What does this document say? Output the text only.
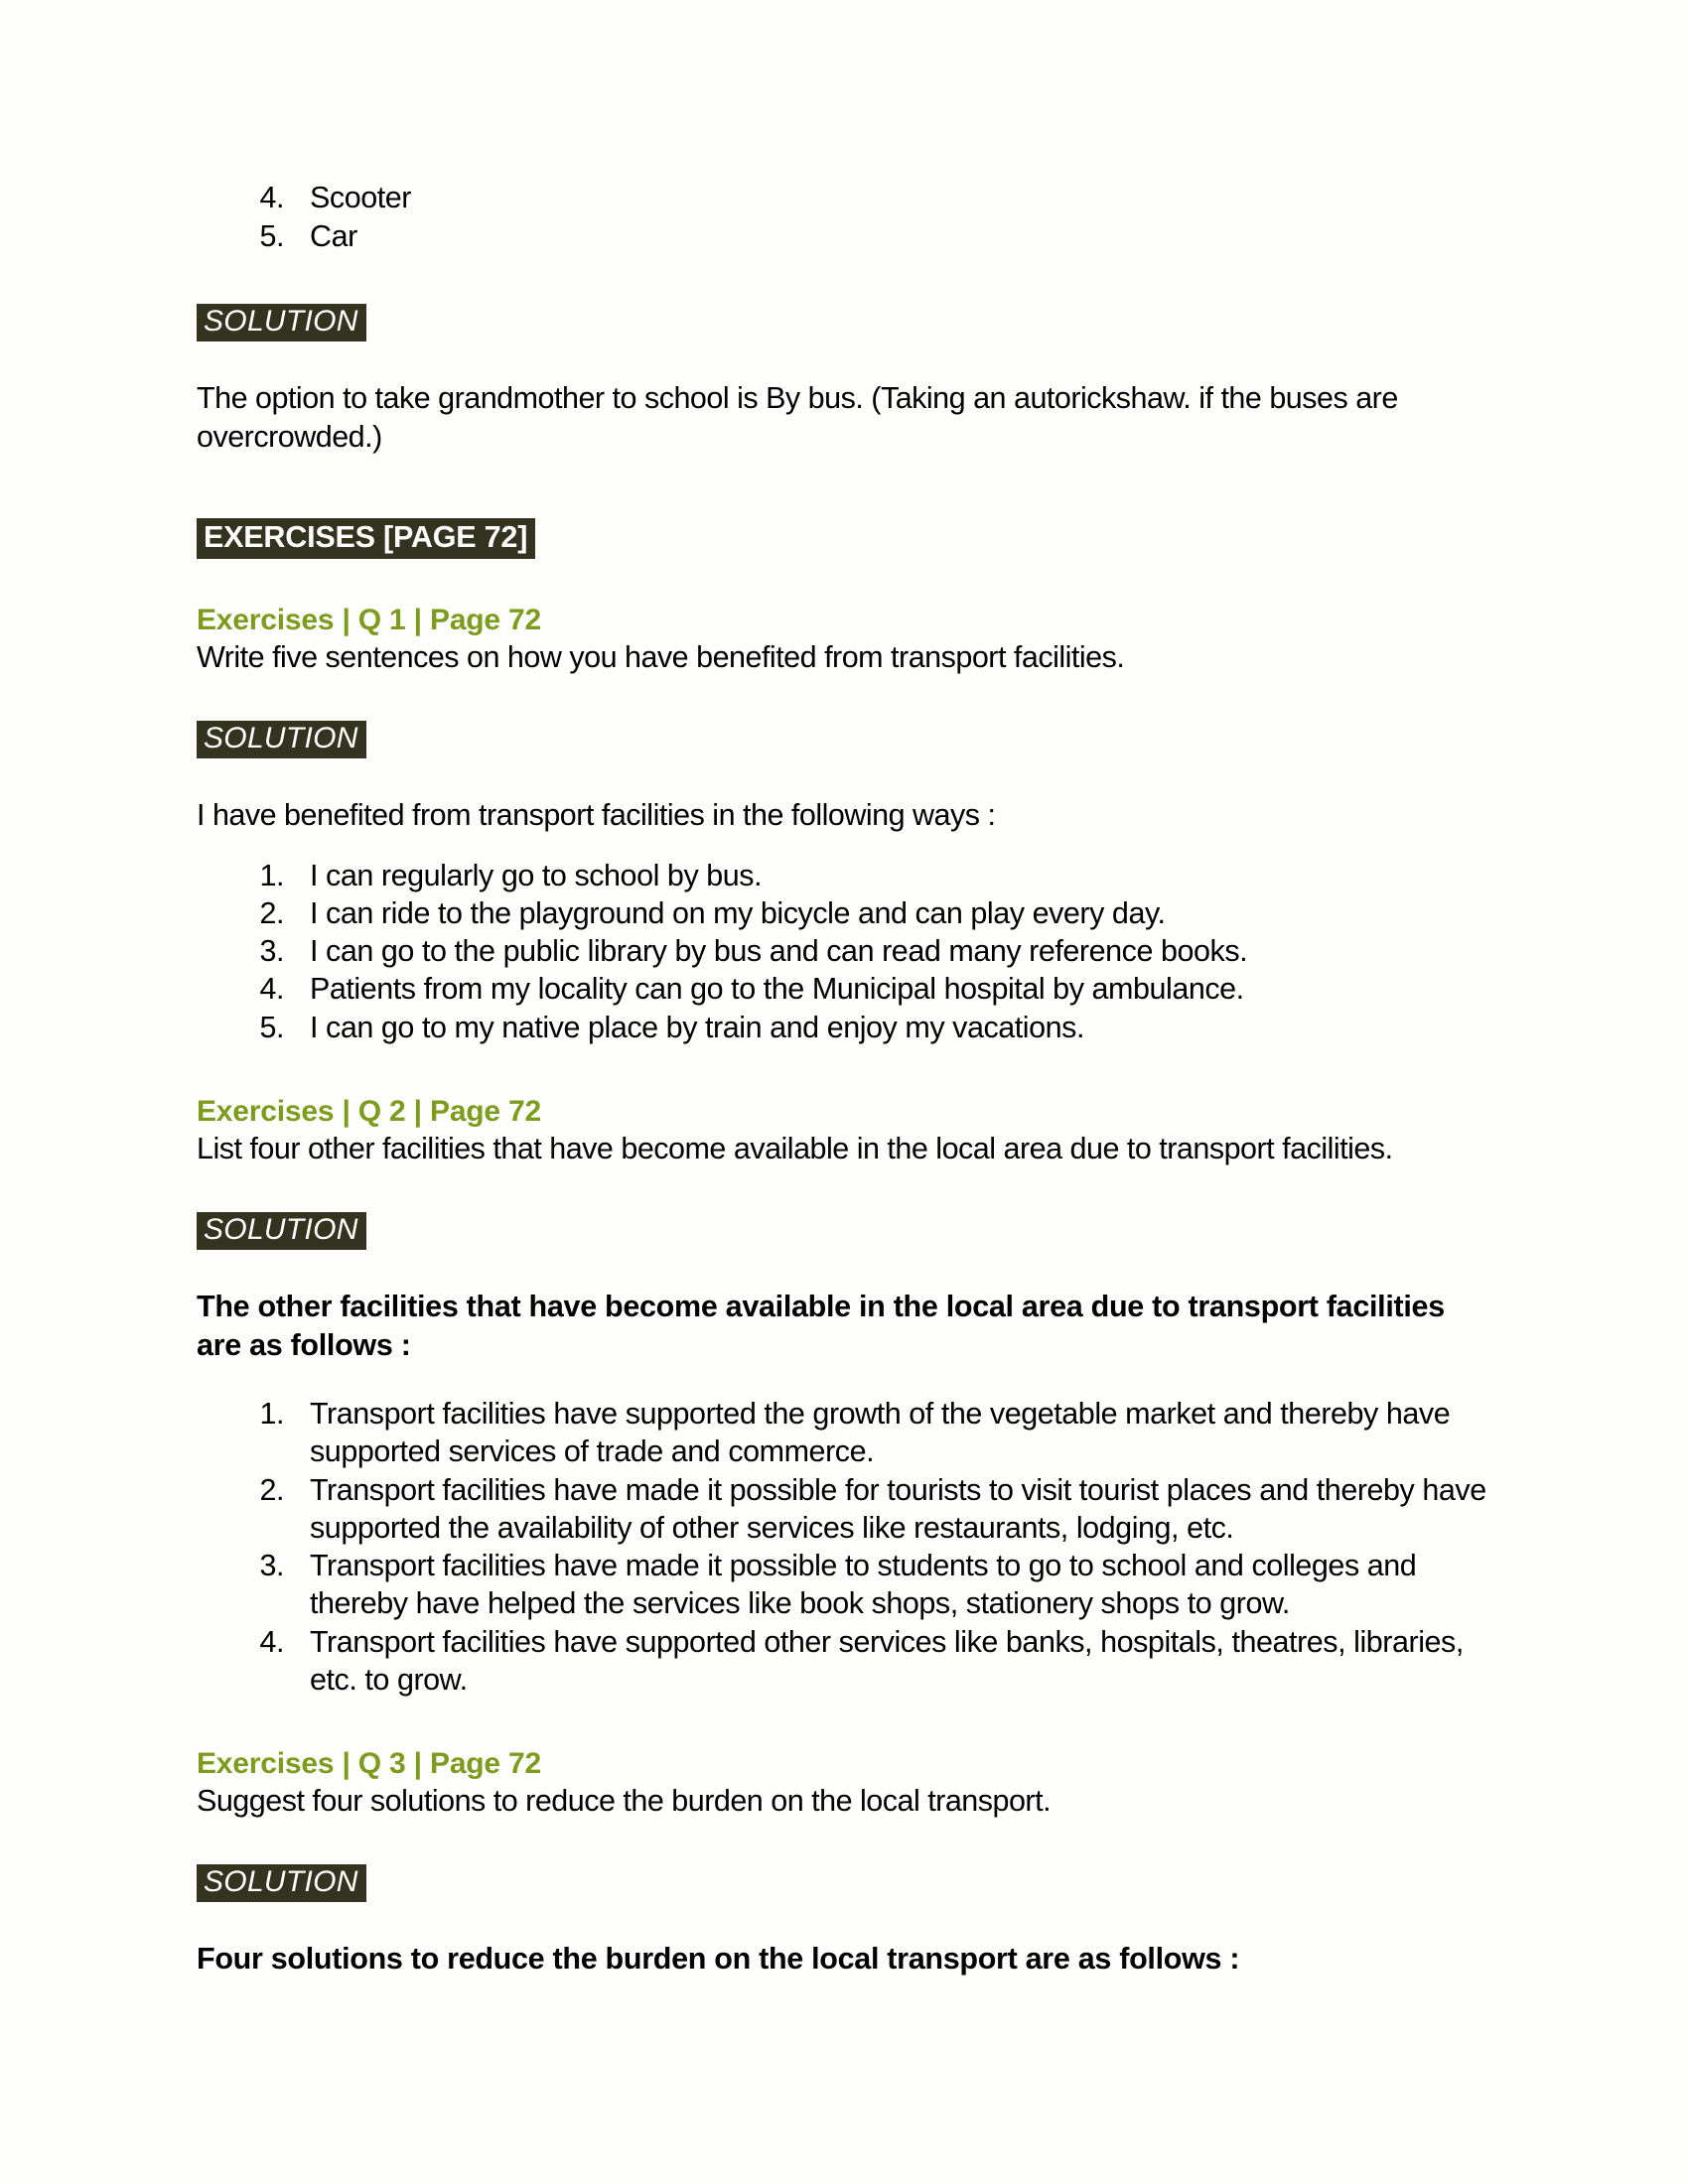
4. Scooter
5. Car
SOLUTION

The option to take grandmother to school is By bus. (Taking an autorickshaw. if the buses are overcrowded.)

EXERCISES [PAGE 72]

Exercises | Q 1 | Page 72

Write five sentences on how you have benefited from transport facilities.

SOLUTION

I have benefited from transport facilities in the following ways :

1. I can regularly go to school by bus.
2. I can ride to the playground on my bicycle and can play every day.
3. I can go to the public library by bus and can read many reference books.
4. Patients from my locality can go to the Municipal hospital by ambulance.
5. I can go to my native place by train and enjoy my vacations.

Exercises | Q 2 | Page 72

List four other facilities that have become available in the local area due to transport facilities.

SOLUTION

The other facilities that have become available in the local area due to transport facilities are as follows :

1. Transport facilities have supported the growth of the vegetable market and thereby have supported services of trade and commerce.
2. Transport facilities have made it possible for tourists to visit tourist places and thereby have supported the availability of other services like restaurants, lodging, etc.
3. Transport facilities have made it possible to students to go to school and colleges and thereby have helped the services like book shops, stationery shops to grow.
4. Transport facilities have supported other services like banks, hospitals, theatres, libraries, etc. to grow.

Exercises | Q 3 | Page 72

Suggest four solutions to reduce the burden on the local transport.

SOLUTION

Four solutions to reduce the burden on the local transport are as follows :
